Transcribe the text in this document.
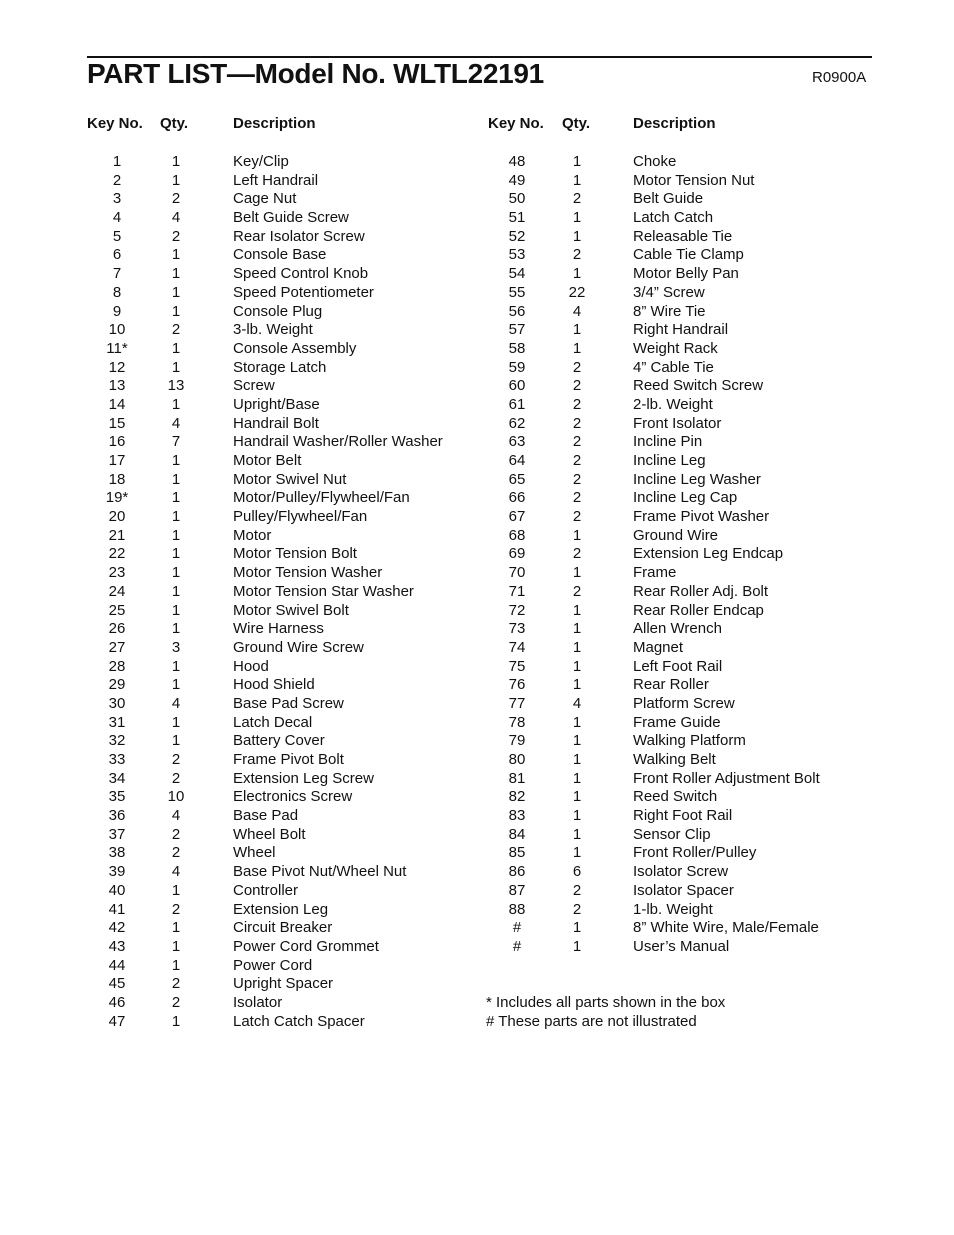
PART LIST—Model No. WLTL22191	R0900A
Key No. Qty.	Description
1	1	Key/Clip
2	1	Left Handrail
3	2	Cage Nut
4	4	Belt Guide Screw
5	2	Rear Isolator Screw
6	1	Console Base
7	1	Speed Control Knob
8	1	Speed Potentiometer
9	1	Console Plug
10	2	3-lb. Weight
11*	1	Console Assembly
12	1	Storage Latch
13	13	Screw
14	1	Upright/Base
15	4	Handrail Bolt
16	7	Handrail Washer/Roller Washer
17	1	Motor Belt
18	1	Motor Swivel Nut
19*	1	Motor/Pulley/Flywheel/Fan
20	1	Pulley/Flywheel/Fan
21	1	Motor
22	1	Motor Tension Bolt
23	1	Motor Tension Washer
24	1	Motor Tension Star Washer
25	1	Motor Swivel Bolt
26	1	Wire Harness
27	3	Ground Wire Screw
28	1	Hood
29	1	Hood Shield
30	4	Base Pad Screw
31	1	Latch Decal
32	1	Battery Cover
33	2	Frame Pivot Bolt
34	2	Extension Leg Screw
35	10	Electronics Screw
36	4	Base Pad
37	2	Wheel Bolt
38	2	Wheel
39	4	Base Pivot Nut/Wheel Nut
40	1	Controller
41	2	Extension Leg
42	1	Circuit Breaker
43	1	Power Cord Grommet
44	1	Power Cord
45	2	Upright Spacer
46	2	Isolator
47	1	Latch Catch Spacer
Key No. Qty.	Description
48	1	Choke
49	1	Motor Tension Nut
50	2	Belt Guide
51	1	Latch Catch
52	1	Releasable Tie
53	2	Cable Tie Clamp
54	1	Motor Belly Pan
55	22	3/4” Screw
56	4	8” Wire Tie
57	1	Right Handrail
58	1	Weight Rack
59	2	4” Cable Tie
60	2	Reed Switch Screw
61	2	2-lb. Weight
62	2	Front Isolator
63	2	Incline Pin
64	2	Incline Leg
65	2	Incline Leg Washer
66	2	Incline Leg Cap
67	2	Frame Pivot Washer
68	1	Ground Wire
69	2	Extension Leg Endcap
70	1	Frame
71	2	Rear Roller Adj. Bolt
72	1	Rear Roller Endcap
73	1	Allen Wrench
74	1	Magnet
75	1	Left Foot Rail
76	1	Rear Roller
77	4	Platform Screw
78	1	Frame Guide
79	1	Walking Platform
80	1	Walking Belt
81	1	Front Roller Adjustment Bolt
82	1	Reed Switch
83	1	Right Foot Rail
84	1	Sensor Clip
85	1	Front Roller/Pulley
86	6	Isolator Screw
87	2	Isolator Spacer
88	2	1-lb. Weight
#	1	8” White Wire, Male/Female
#	1	User’s Manual
* Includes all parts shown in the box
# These parts are not illustrated
